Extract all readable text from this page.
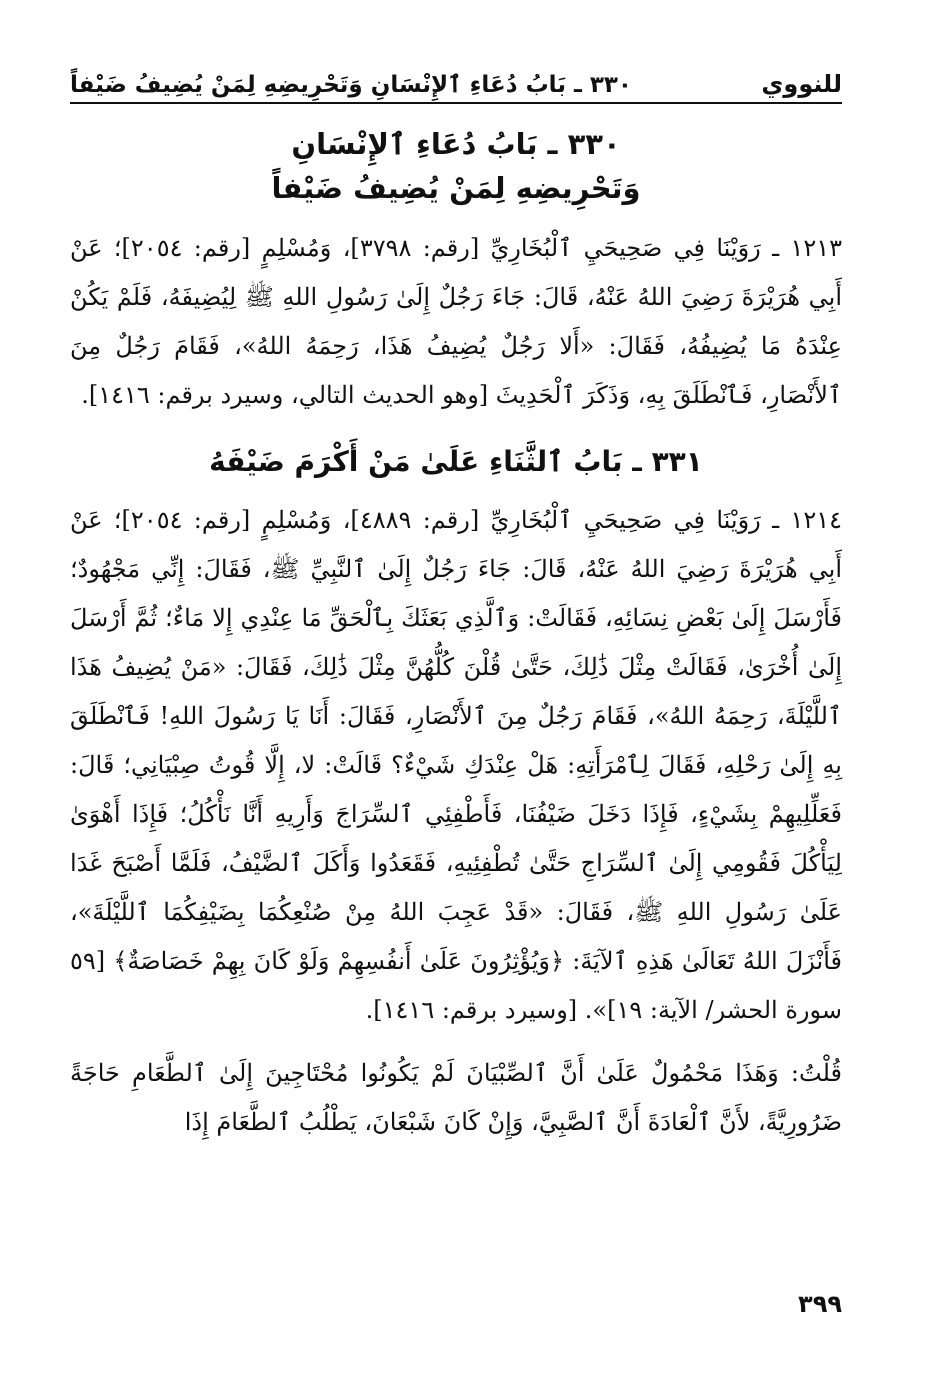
للنووي
٣٣٠ ـ بَابُ دُعَاءِ ٱلإِنْسَانِ وَتَحْرِيضِهِ لِمَنْ يُضِيفُ ضَيْفاً

٣٣٠ ـ بَابُ دُعَاءِ ٱلإِنْسَانِ

وَتَحْرِيضِهِ لِمَنْ يُضِيفُ ضَيْفاً

١٢١٣ ـ رَوَيْنَا فِي صَحِيحَيِ ٱلْبُخَارِيِّ [رقم: ٣٧٩٨]، وَمُسْلِمٍ [رقم: ٢٠٥٤]؛ عَنْ أَبِي هُرَيْرَةَ رَضِيَ اللهُ عَنْهُ، قَالَ: جَاءَ رَجُلٌ إِلَىٰ رَسُولِ اللهِ ﷺ لِيُضِيفَهُ، فَلَمْ يَكُنْ عِنْدَهُ مَا يُضِيفُهُ، فَقَالَ: «أَلا رَجُلٌ يُضِيفُ هَذَا، رَحِمَهُ اللهُ»، فَقَامَ رَجُلٌ مِنَ ٱلأَنْصَارِ، فَٱنْطَلَقَ بِهِ، وَذَكَرَ ٱلْحَدِيثَ [وهو الحديث التالي، وسيرد برقم: ١٤١٦].

٣٣١ ـ بَابُ ٱلثَّنَاءِ عَلَىٰ مَنْ أَكْرَمَ ضَيْفَهُ

١٢١٤ ـ رَوَيْنَا فِي صَحِيحَيِ ٱلْبُخَارِيِّ [رقم: ٤٨٨٩]، وَمُسْلِمٍ [رقم: ٢٠٥٤]؛ عَنْ أَبِي هُرَيْرَةَ رَضِيَ اللهُ عَنْهُ، قَالَ: جَاءَ رَجُلٌ إِلَىٰ ٱلنَّبِيِّ ﷺ، فَقَالَ: إِنِّي مَجْهُودٌ؛ فَأَرْسَلَ إِلَىٰ بَعْضِ نِسَائِهِ، فَقَالَتْ: وَٱلَّذِي بَعَثَكَ بِٱلْحَقِّ مَا عِنْدِي إِلا مَاءٌ؛ ثُمَّ أَرْسَلَ إِلَىٰ أُخْرَىٰ، فَقَالَتْ مِثْلَ ذَٰلِكَ، حَتَّىٰ قُلْنَ كُلُّهُنَّ مِثْلَ ذَٰلِكَ، فَقَالَ: «مَنْ يُضِيفُ هَذَا ٱللَّيْلَةَ، رَحِمَهُ اللهُ»، فَقَامَ رَجُلٌ مِنَ ٱلأَنْصَارِ، فَقَالَ: أَنَا يَا رَسُولَ اللهِ! فَٱنْطَلَقَ بِهِ إِلَىٰ رَحْلِهِ، فَقَالَ لِٱمْرَأَتِهِ: هَلْ عِنْدَكِ شَيْءٌ؟ قَالَتْ: لا، إِلَّا قُوتُ صِبْيَانِي؛ قَالَ: فَعَلِّلِيهِمْ بِشَيْءٍ، فَإِذَا دَخَلَ ضَيْفُنَا، فَأَطْفِئِي ٱلسِّرَاجَ وَأَرِيهِ أَنَّا نَأْكُلُ؛ فَإِذَا أَهْوَىٰ لِيَأْكُلَ فَقُومِي إِلَىٰ ٱلسِّرَاجِ حَتَّىٰ تُطْفِئِيهِ، فَقَعَدُوا وَأَكَلَ ٱلضَّيْفُ، فَلَمَّا أَصْبَحَ غَدَا عَلَىٰ رَسُولِ اللهِ ﷺ، فَقَالَ: «قَدْ عَجِبَ اللهُ مِنْ صُنْعِكُمَا بِضَيْفِكُمَا ٱللَّيْلَةَ»، فَأَنْزَلَ اللهُ تَعَالَىٰ هَذِهِ ٱلآيَةَ: ﴿وَيُؤْثِرُونَ عَلَىٰ أَنفُسِهِمْ وَلَوْ كَانَ بِهِمْ خَصَاصَةٌ﴾ [٥٩ سورة الحشر/ الآية: ١٩]». [وسيرد برقم: ١٤١٦].

قُلْتُ: وَهَذَا مَحْمُولٌ عَلَىٰ أَنَّ ٱلصِّبْيَانَ لَمْ يَكُونُوا مُحْتَاجِينَ إِلَىٰ ٱلطَّعَامِ حَاجَةً ضَرُورِيَّةً، لأَنَّ ٱلْعَادَةَ أَنَّ ٱلصَّبِيَّ، وَإِنْ كَانَ شَبْعَانَ، يَطْلُبُ ٱلطَّعَامَ إِذَا

٣٩٩
